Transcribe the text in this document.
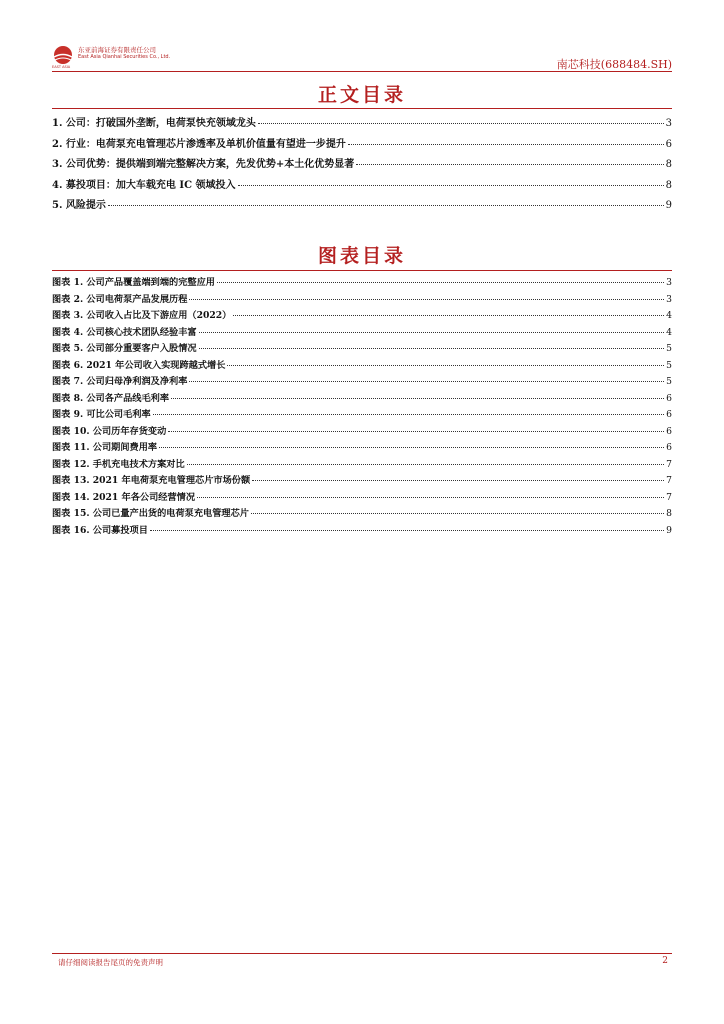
东亚前海证券有限责任公司
East Asia Qianhai Securities Co., Ltd.
EAST ASIA	南芯科技(688484.SH)
正文目录
1. 公司：打破国外垄断，电荷泵快充领域龙头	3
2. 行业：电荷泵充电管理芯片渗透率及单机价值量有望进一步提升	6
3. 公司优势：提供端到端完整解决方案，先发优势+本土化优势显著	8
4. 募投项目：加大车载充电 IC 领域投入	8
5. 风险提示	9
图表目录
图表 1. 公司产品覆盖端到端的完整应用	3
图表 2. 公司电荷泵产品发展历程	3
图表 3. 公司收入占比及下游应用（2022）	4
图表 4. 公司核心技术团队经验丰富	4
图表 5. 公司部分重要客户入股情况	5
图表 6. 2021 年公司收入实现跨越式增长	5
图表 7. 公司归母净利润及净利率	5
图表 8. 公司各产品线毛利率	6
图表 9. 可比公司毛利率	6
图表 10. 公司历年存货变动	6
图表 11. 公司期间费用率	6
图表 12. 手机充电技术方案对比	7
图表 13. 2021 年电荷泵充电管理芯片市场份额	7
图表 14. 2021 年各公司经营情况	7
图表 15. 公司已量产出货的电荷泵充电管理芯片	8
图表 16. 公司募投项目	9
请仔细阅读报告尾页的免责声明	2
